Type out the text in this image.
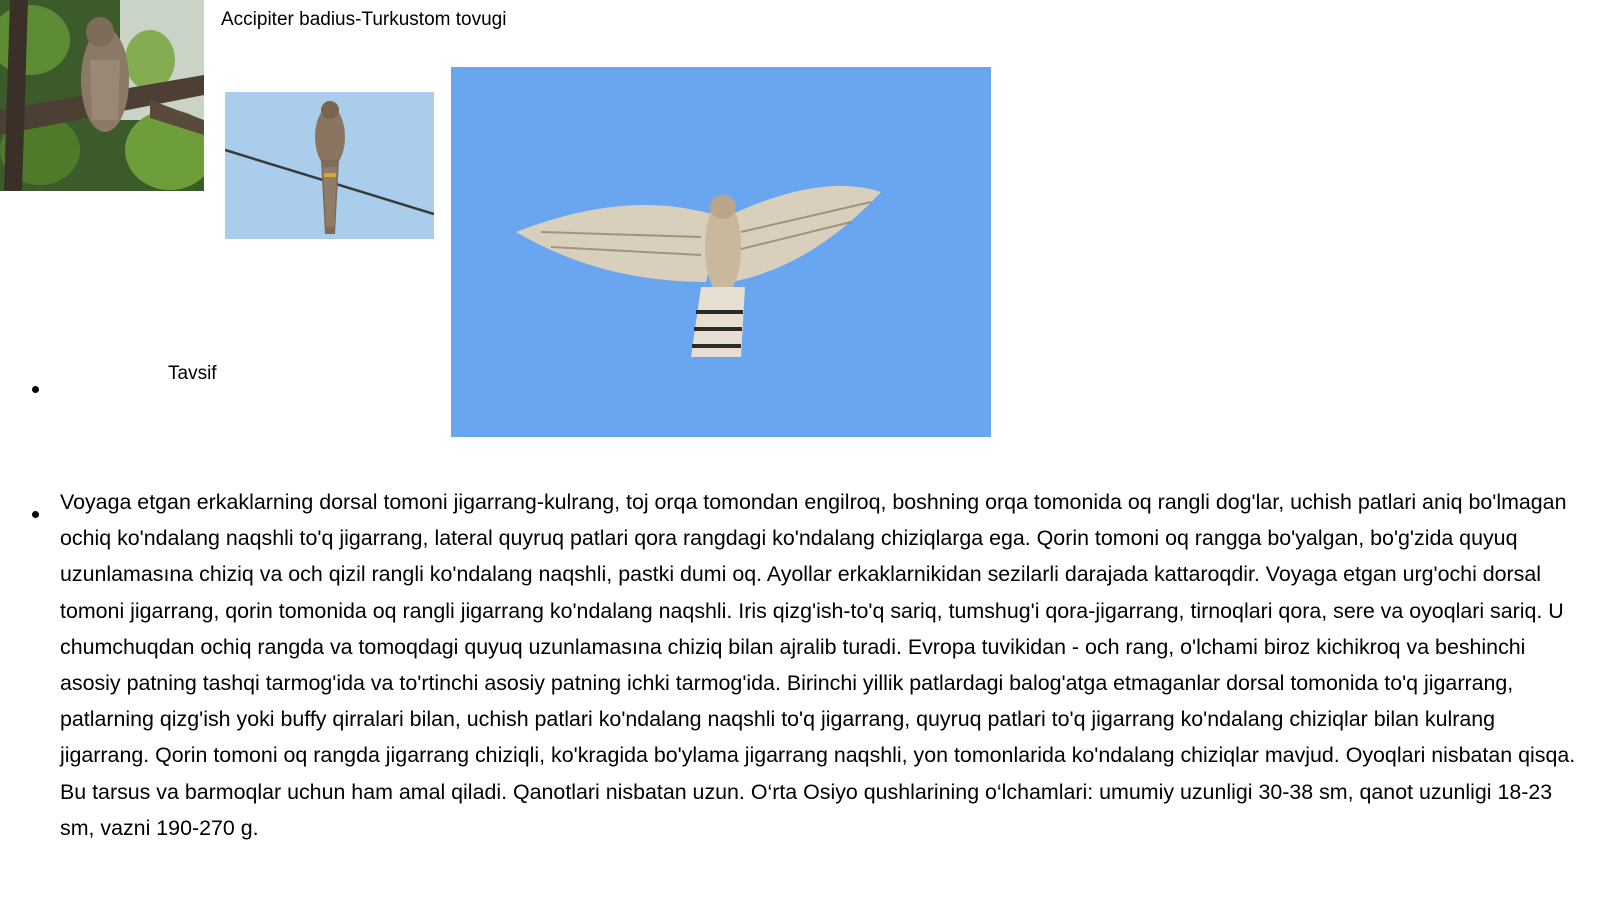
Accipiter badius-Turkustom tovugi
Tavsif
Voyaga etgan erkaklarning dorsal tomoni jigarrang-kulrang, toj orqa tomondan engilroq, boshning orqa tomonida oq rangli dog'lar, uchish patlari aniq bo'lmagan ochiq ko'ndalang naqshli to'q jigarrang, lateral quyruq patlari qora rangdagi ko'ndalang chiziqlarga ega. Qorin tomoni oq rangga bo'yalgan, bo'g'zida quyuq uzunlamasına chiziq va och qizil rangli ko'ndalang naqshli, pastki dumi oq. Ayollar erkaklarnikidan sezilarli darajada kattaroqdir. Voyaga etgan urg'ochi dorsal tomoni jigarrang, qorin tomonida oq rangli jigarrang ko'ndalang naqshli. Iris qizg'ish-to'q sariq, tumshug'i qora-jigarrang, tirnoqlari qora, sere va oyoqlari sariq. U chumchuqdan ochiq rangda va tomoqdagi quyuq uzunlamasına chiziq bilan ajralib turadi. Evropa tuvikidan - och rang, o'lchami biroz kichikroq va beshinchi asosiy patning tashqi tarmog'ida va to'rtinchi asosiy patning ichki tarmog'ida. Birinchi yillik patlardagi balog'atga etmaganlar dorsal tomonida to'q jigarrang, patlarning qizg'ish yoki buffy qirralari bilan, uchish patlari ko'ndalang naqshli to'q jigarrang, quyruq patlari to'q jigarrang ko'ndalang chiziqlar bilan kulrang jigarrang. Qorin tomoni oq rangda jigarrang chiziqli, ko'kragida bo'ylama jigarrang naqshli, yon tomonlarida ko'ndalang chiziqlar mavjud. Oyoqlari nisbatan qisqa. Bu tarsus va barmoqlar uchun ham amal qiladi. Qanotlari nisbatan uzun. O‘rta Osiyo qushlarining o‘lchamlari: umumiy uzunligi 30-38 sm, qanot uzunligi 18-23 sm, vazni 190-270 g.
